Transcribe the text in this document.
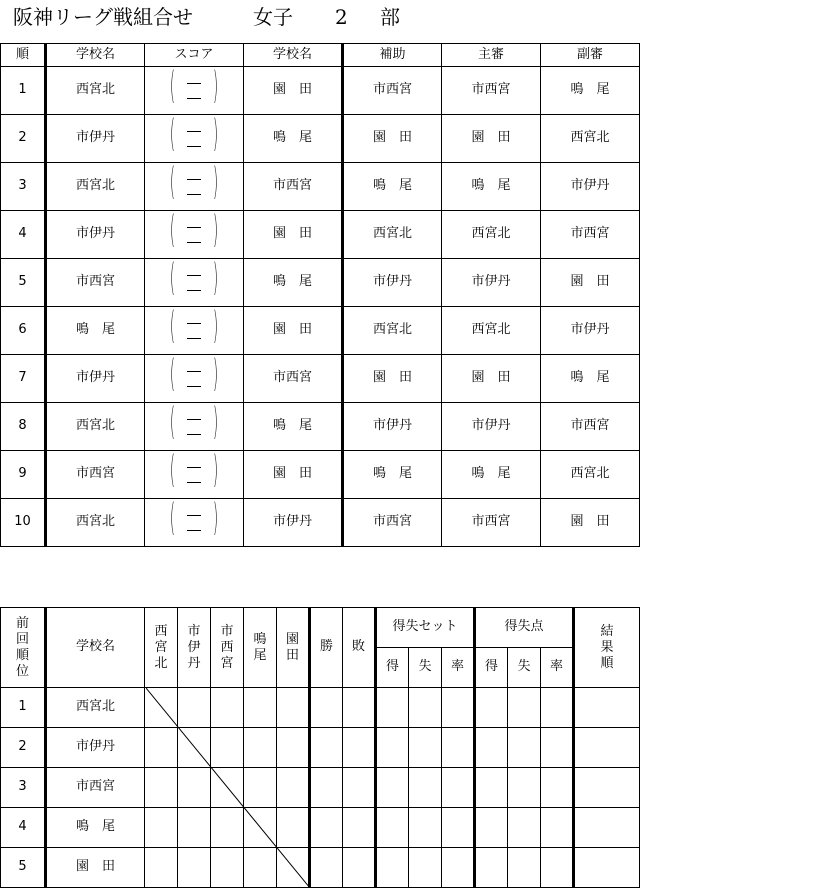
阪神リーグ戦組合せ	女子 2 部
順	学校名	スコア	学校名	補助	主審	副審
1	西宮北	( )	園　田	市西宮	市西宮	鳴　尾
2	市伊丹	( )	鳴　尾	園　田	園　田	西宮北
3	西宮北	( )	市西宮	鳴　尾	鳴　尾	市伊丹
4	市伊丹	( )	園　田	西宮北	西宮北	市西宮
5	市西宮	( )	鳴　尾	市伊丹	市伊丹	園　田
6	鳴　尾	( )	園　田	西宮北	西宮北	市伊丹
7	市伊丹	( )	市西宮	園　田	園　田	鳴　尾
8	西宮北	( )	鳴　尾	市伊丹	市伊丹	市西宮
9	市西宮	( )	園　田	鳴　尾	鳴　尾	西宮北
10	西宮北	( )	市伊丹	市西宮	市西宮	園　田
前回順位	学校名	西宮北	市伊丹	市西宮	鳴尾	園田	勝	敗	得失セット			得失点			結果順
									得	失	率	得	失	率	
1	西宮北														
2	市伊丹														
3	市西宮														
4	鳴　尾														
5	園　田														
